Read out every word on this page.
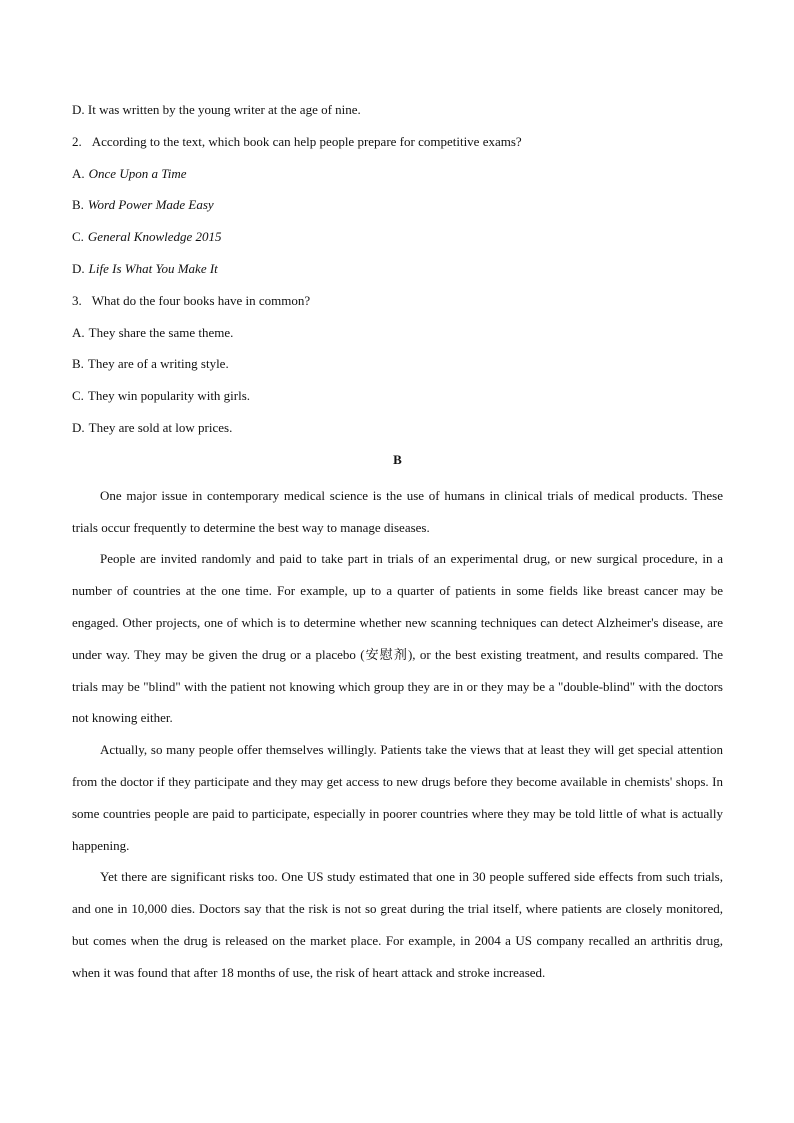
D. It was written by the young writer at the age of nine.
2. According to the text, which book can help people prepare for competitive exams?
A. Once Upon a Time
B. Word Power Made Easy
C. General Knowledge 2015
D. Life Is What You Make It
3. What do the four books have in common?
A. They share the same theme.
B. They are of a writing style.
C. They win popularity with girls.
D. They are sold at low prices.
B

One major issue in contemporary medical science is the use of humans in clinical trials of medical products. These trials occur frequently to determine the best way to manage diseases.

People are invited randomly and paid to take part in trials of an experimental drug, or new surgical procedure, in a number of countries at the one time. For example, up to a quarter of patients in some fields like breast cancer may be engaged. Other projects, one of which is to determine whether new scanning techniques can detect Alzheimer's disease, are under way. They may be given the drug or a placebo (安慰剂), or the best existing treatment, and results compared. The trials may be "blind" with the patient not knowing which group they are in or they may be a "double-blind" with the doctors not knowing either.

Actually, so many people offer themselves willingly. Patients take the views that at least they will get special attention from the doctor if they participate and they may get access to new drugs before they become available in chemists' shops. In some countries people are paid to participate, especially in poorer countries where they may be told little of what is actually happening.

Yet there are significant risks too. One US study estimated that one in 30 people suffered side effects from such trials, and one in 10,000 dies. Doctors say that the risk is not so great during the trial itself, where patients are closely monitored, but comes when the drug is released on the market place. For example, in 2004 a US company recalled an arthritis drug, when it was found that after 18 months of use, the risk of heart attack and stroke increased.
